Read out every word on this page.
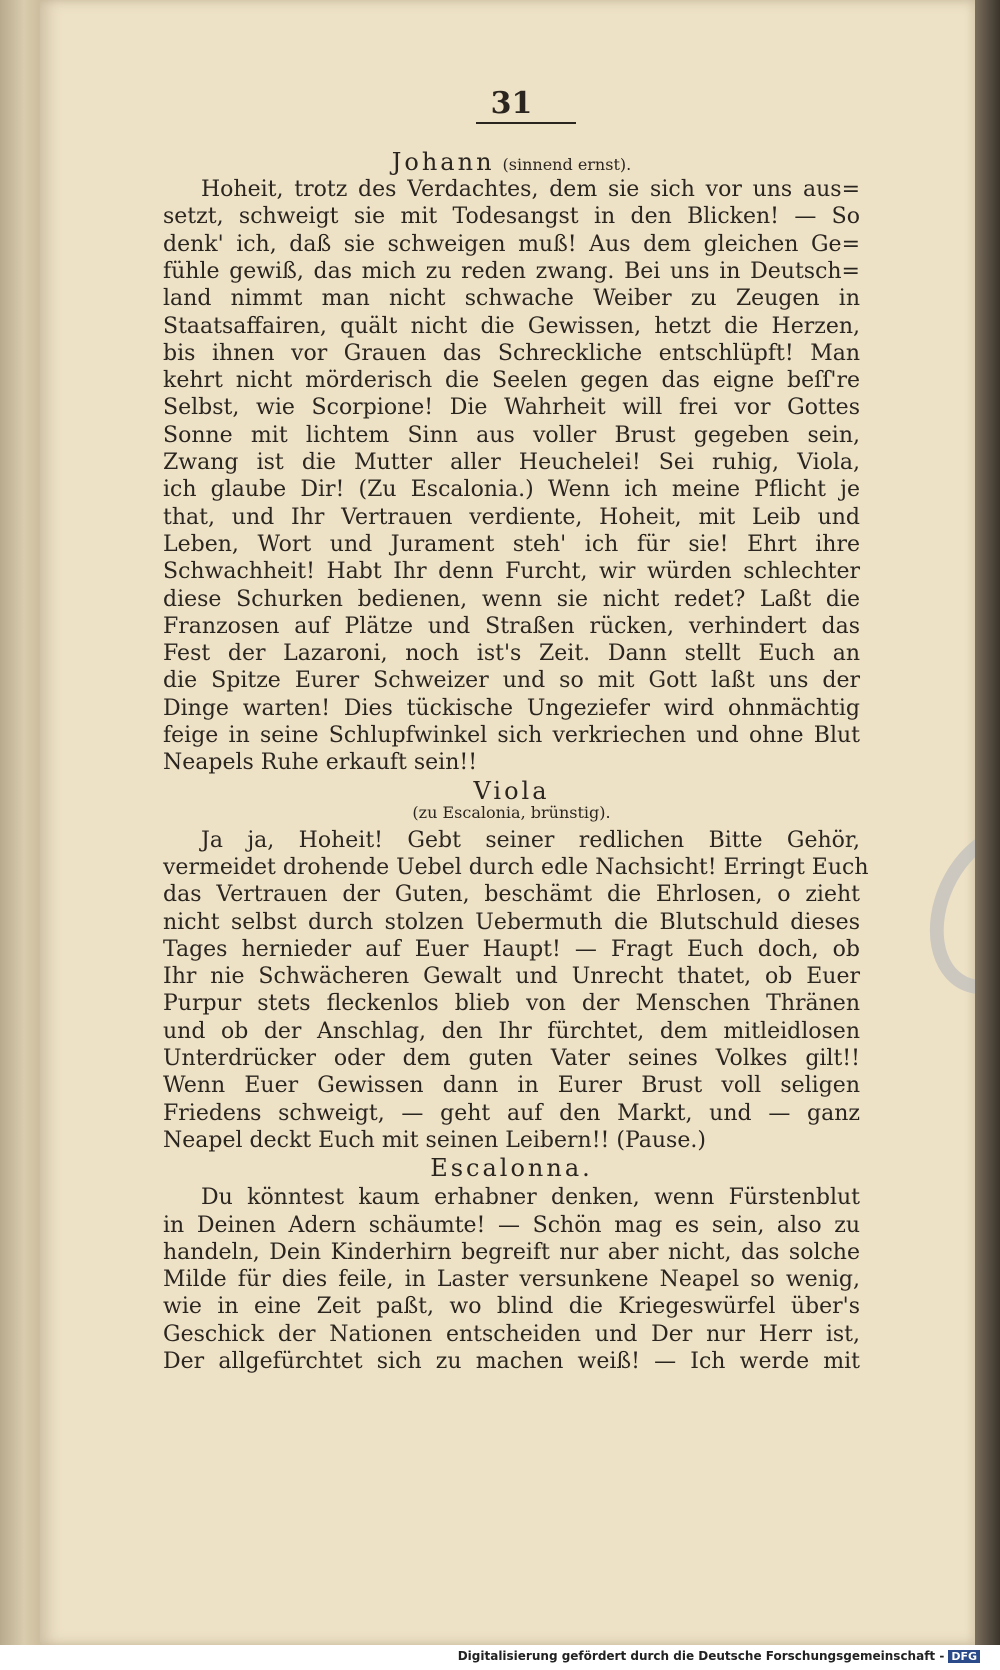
31
Johann (sinnend ernst).
Hoheit, trotz des Verdachtes, dem sie sich vor uns aus=
setzt, schweigt sie mit Todesangst in den Blicken! — So
denk' ich, daß sie schweigen muß! Aus dem gleichen Ge=
fühle gewiß, das mich zu reden zwang. Bei uns in Deutsch=
land nimmt man nicht schwache Weiber zu Zeugen in
Staatsaffairen, quält nicht die Gewissen, hetzt die Herzen,
bis ihnen vor Grauen das Schreckliche entschlüpft! Man
kehrt nicht mörderisch die Seelen gegen das eigne beſſ're
Selbst, wie Scorpione! Die Wahrheit will frei vor Gottes
Sonne mit lichtem Sinn aus voller Brust gegeben sein,
Zwang ist die Mutter aller Heuchelei! Sei ruhig, Viola,
ich glaube Dir! (Zu Escalonia.) Wenn ich meine Pflicht je
that, und Ihr Vertrauen verdiente, Hoheit, mit Leib und
Leben, Wort und Jurament steh' ich für sie! Ehrt ihre
Schwachheit! Habt Ihr denn Furcht, wir würden schlechter
diese Schurken bedienen, wenn sie nicht redet? Laßt die
Franzosen auf Plätze und Straßen rücken, verhindert das
Fest der Lazaroni, noch ist's Zeit. Dann stellt Euch an
die Spitze Eurer Schweizer und so mit Gott laßt uns der
Dinge warten! Dies tückische Ungeziefer wird ohnmächtig
feige in seine Schlupfwinkel sich verkriechen und ohne Blut
Neapels Ruhe erkauft sein!!
Viola
(zu Escalonia, brünstig).
Ja ja, Hoheit! Gebt seiner redlichen Bitte Gehör,
vermeidet drohende Uebel durch edle Nachsicht! Erringt Euch
das Vertrauen der Guten, beschämt die Ehrlosen, o zieht
nicht selbst durch stolzen Uebermuth die Blutschuld dieses
Tages hernieder auf Euer Haupt! — Fragt Euch doch, ob
Ihr nie Schwächeren Gewalt und Unrecht thatet, ob Euer
Purpur stets fleckenlos blieb von der Menschen Thränen
und ob der Anschlag, den Ihr fürchtet, dem mitleidlosen
Unterdrücker oder dem guten Vater seines Volkes gilt!!
Wenn Euer Gewissen dann in Eurer Brust voll seligen
Friedens schweigt, — geht auf den Markt, und — ganz
Neapel deckt Euch mit seinen Leibern!! (Pause.)
Escalonna.
Du könntest kaum erhabner denken, wenn Fürstenblut
in Deinen Adern schäumte! — Schön mag es sein, also zu
handeln, Dein Kinderhirn begreift nur aber nicht, das solche
Milde für dies feile, in Laster versunkene Neapel so wenig,
wie in eine Zeit paßt, wo blind die Kriegeswürfel über's
Geschick der Nationen entscheiden und Der nur Herr ist,
Der allgefürchtet sich zu machen weiß! — Ich werde mit
Digitalisierung gefördert durch die Deutsche Forschungsgemeinschaft - DFG
